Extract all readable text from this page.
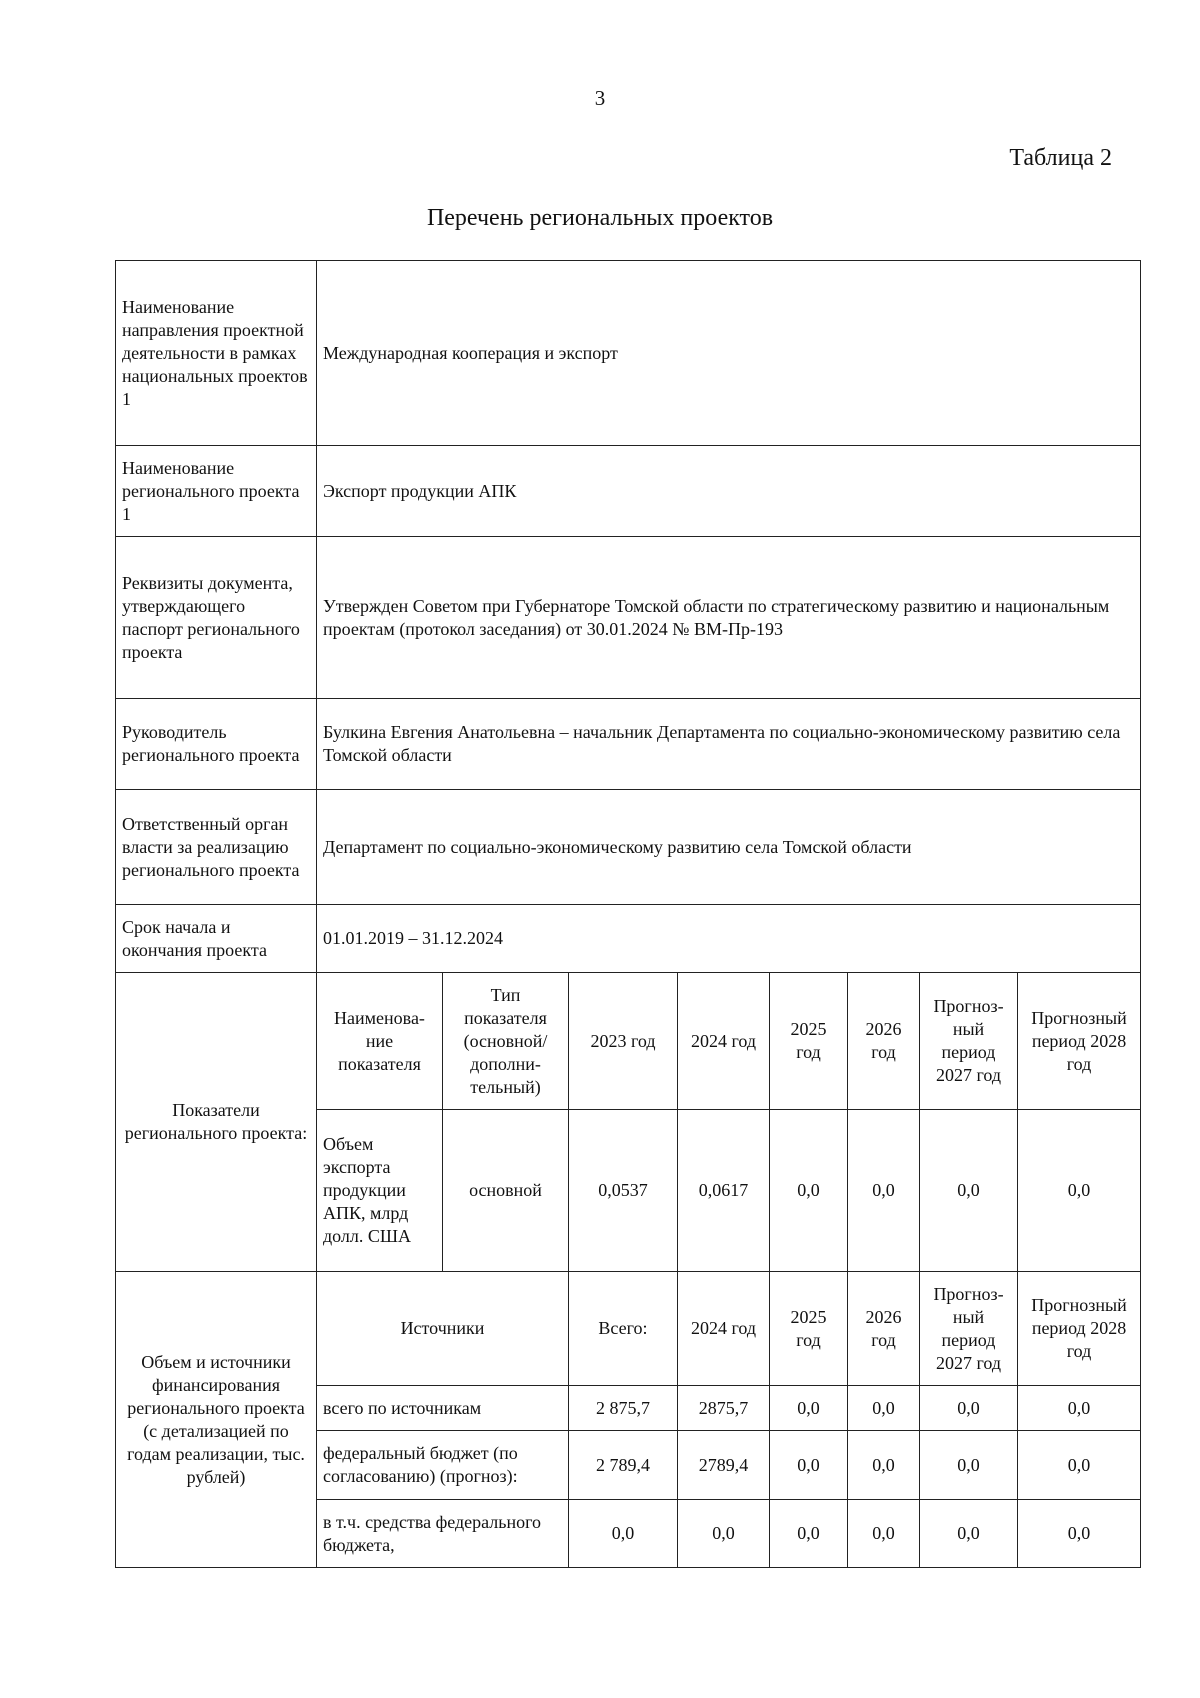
3
Таблица 2
Перечень региональных проектов
Наименование направления проектной деятельности в рамках национальных проектов 1	Международная кооперация и экспорт							
Наименование регионального проекта 1	Экспорт продукции АПК							
Реквизиты документа, утверждающего паспорт регионального проекта	Утвержден Советом при Губернаторе Томской области по стратегическому развитию и национальным проектам (протокол заседания) от 30.01.2024 № ВМ-Пр-193							
Руководитель регионального проекта	Булкина Евгения Анатольевна – начальник Департамента по социально-экономическому развитию села Томской области							
Ответственный орган власти за реализацию регионального проекта	Департамент по социально-экономическому развитию села Томской области							
Срок начала и окончания проекта	01.01.2019 – 31.12.2024							
Показатели регионального проекта:	Наименова-ние показателя	Тип показателя (основной/ дополни-тельный)	2023 год	2024 год	2025 год	2026 год	Прогноз-ный период 2027 год	Прогнозный период 2028 год
	Объем экспорта продукции АПК, млрд долл. США	основной	0,0537	0,0617	0,0	0,0	0,0	0,0
Объем и источники финансирования регионального проекта (с детализацией по годам реализации, тыс. рублей)	Источники		Всего:	2024 год	2025 год	2026 год	Прогноз-ный период 2027 год	Прогнозный период 2028 год
	всего по источникам		2 875,7	2875,7	0,0	0,0	0,0	0,0
	федеральный бюджет (по согласованию) (прогноз):		2 789,4	2789,4	0,0	0,0	0,0	0,0
	в т.ч. средства федерального бюджета,		0,0	0,0	0,0	0,0	0,0	0,0
